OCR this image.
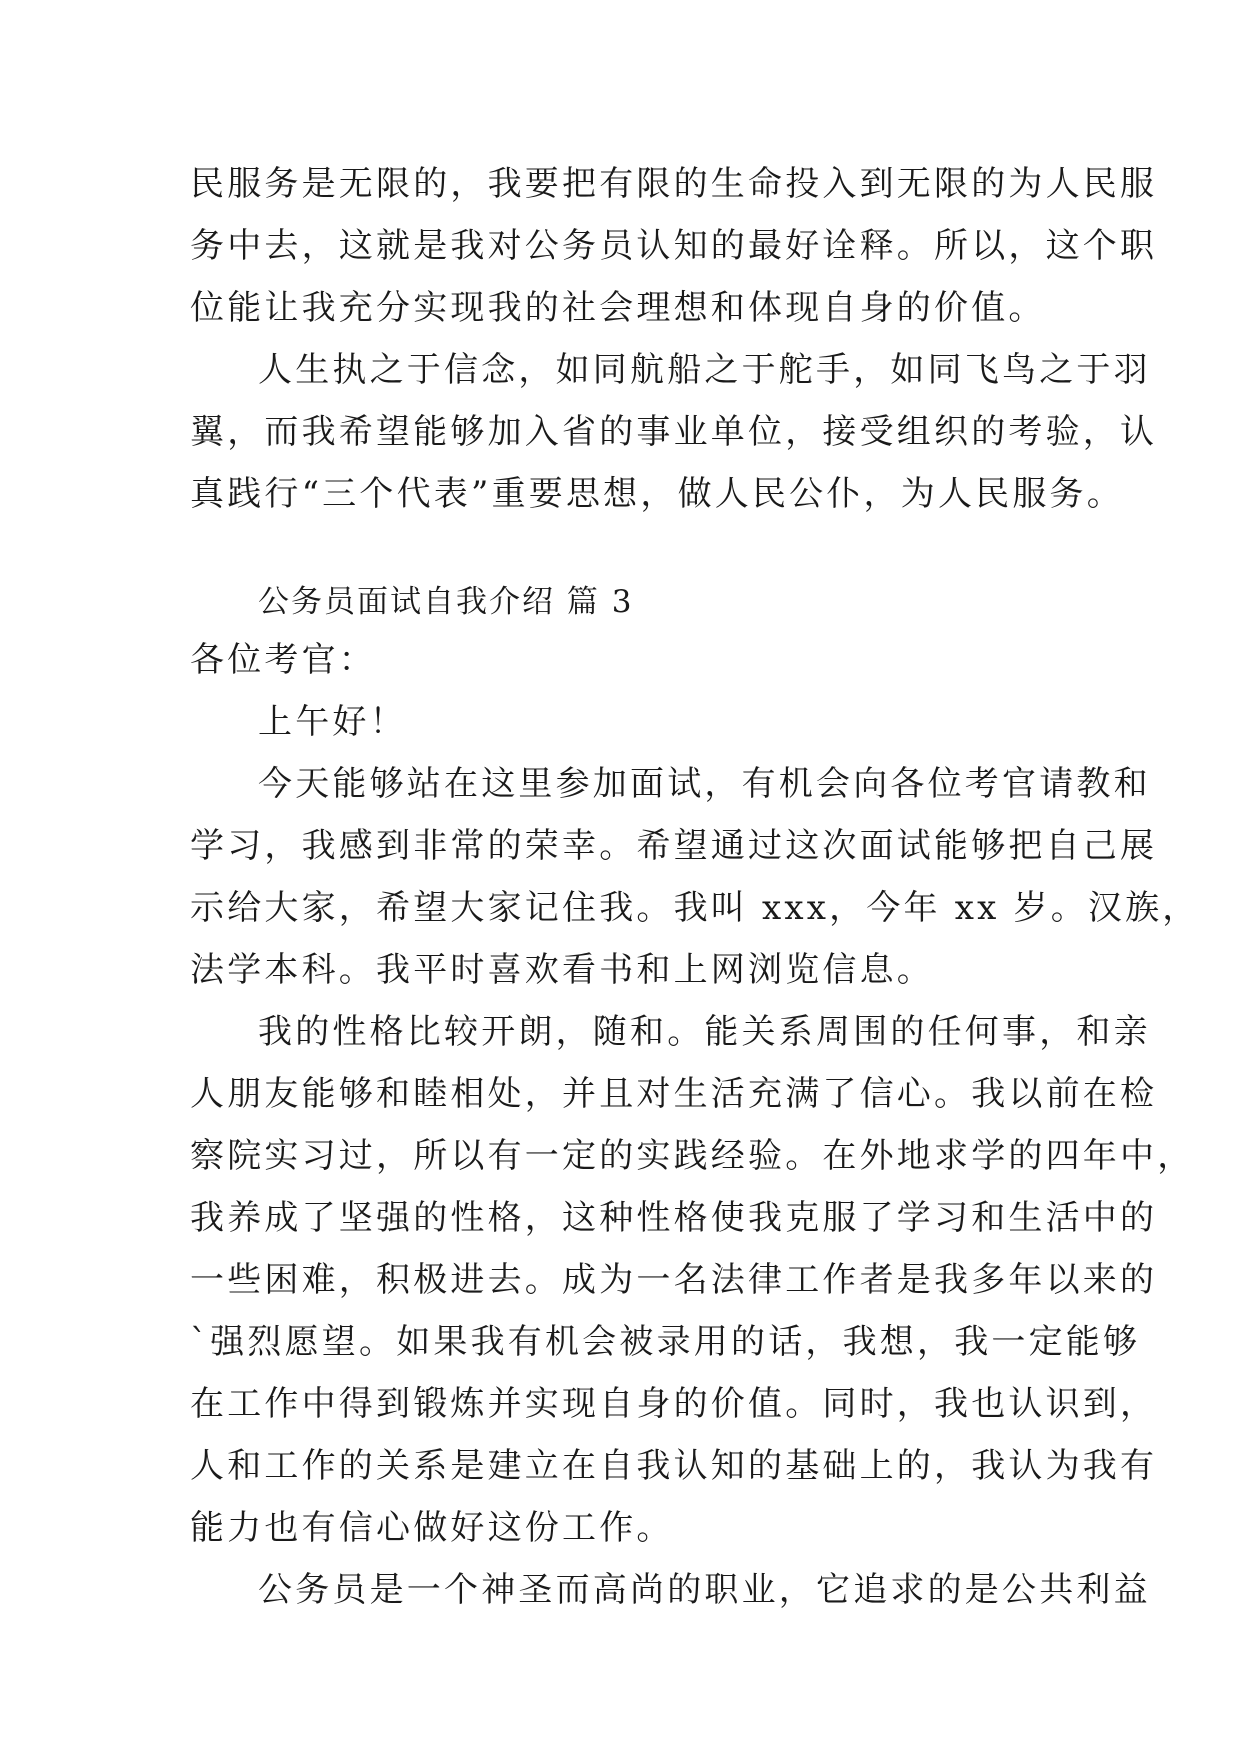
民服务是无限的，我要把有限的生命投入到无限的为人民服
务中去，这就是我对公务员认知的最好诠释。所以，这个职
位能让我充分实现我的社会理想和体现自身的价值。
人生执之于信念，如同航船之于舵手，如同飞鸟之于羽
翼，而我希望能够加入省的事业单位，接受组织的考验，认
真践行“三个代表”重要思想，做人民公仆，为人民服务。
公务员面试自我介绍 篇 3
各位考官：
上午好！
今天能够站在这里参加面试，有机会向各位考官请教和
学习，我感到非常的荣幸。希望通过这次面试能够把自己展
示给大家，希望大家记住我。我叫 xxx，今年 xx 岁。汉族，
法学本科。我平时喜欢看书和上网浏览信息。
我的性格比较开朗，随和。能关系周围的任何事，和亲
人朋友能够和睦相处，并且对生活充满了信心。我以前在检
察院实习过，所以有一定的实践经验。在外地求学的四年中，
我养成了坚强的性格，这种性格使我克服了学习和生活中的
一些困难，积极进去。成为一名法律工作者是我多年以来的
`强烈愿望。如果我有机会被录用的话，我想，我一定能够
在工作中得到锻炼并实现自身的价值。同时，我也认识到，
人和工作的关系是建立在自我认知的基础上的，我认为我有
能力也有信心做好这份工作。
公务员是一个神圣而高尚的职业，它追求的是公共利益
